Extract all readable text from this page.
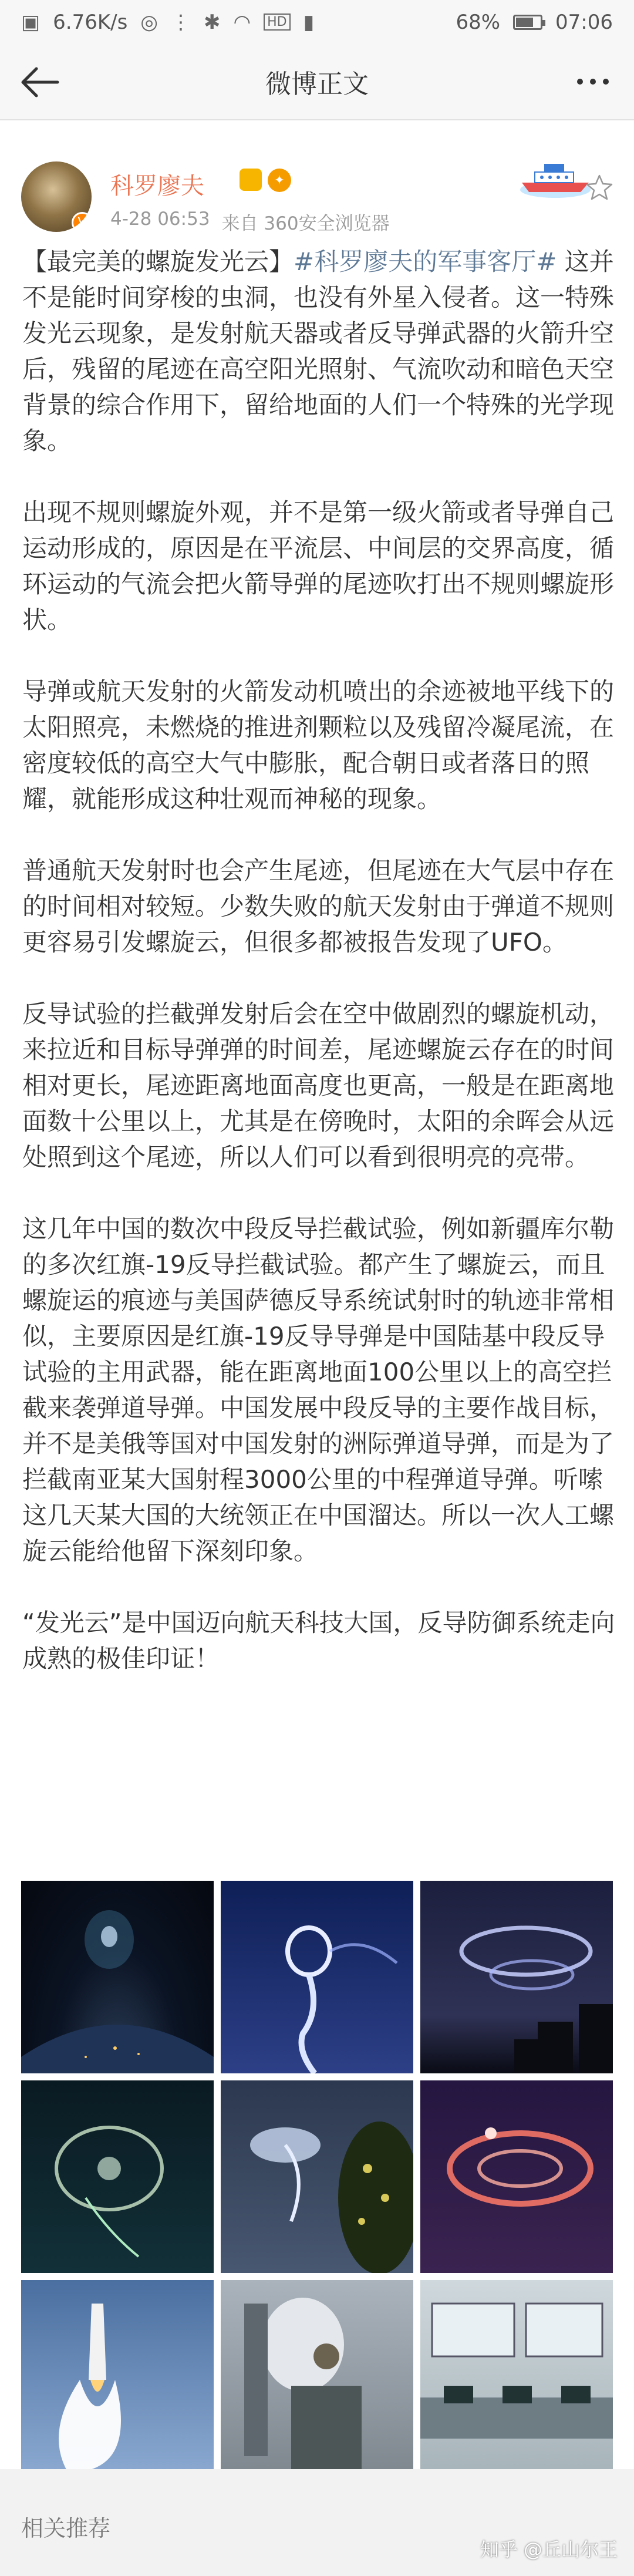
▣ 6.76K/s ◎ ⋮ ✱ ◠ HD ▮	68%	07:06
微博正文
V
科罗廖夫	✦
4-28 06:53 来自 360安全浏览器

【最完美的螺旋发光云】#科罗廖夫的军事客厅# 这并不是能时间穿梭的虫洞，也没有外星入侵者。这一特殊发光云现象，是发射航天器或者反导弹武器的火箭升空后，残留的尾迹在高空阳光照射、气流吹动和暗色天空背景的综合作用下，留给地面的人们一个特殊的光学现象。

出现不规则螺旋外观，并不是第一级火箭或者导弹自己运动形成的，原因是在平流层、中间层的交界高度，循环运动的气流会把火箭导弹的尾迹吹打出不规则螺旋形状。

导弹或航天发射的火箭发动机喷出的余迹被地平线下的太阳照亮，未燃烧的推进剂颗粒以及残留冷凝尾流，在密度较低的高空大气中膨胀，配合朝日或者落日的照耀，就能形成这种壮观而神秘的现象。

普通航天发射时也会产生尾迹，但尾迹在大气层中存在的时间相对较短。少数失败的航天发射由于弹道不规则更容易引发螺旋云，但很多都被报告发现了UFO。

反导试验的拦截弹发射后会在空中做剧烈的螺旋机动，来拉近和目标导弹弹的时间差，尾迹螺旋云存在的时间相对更长，尾迹距离地面高度也更高，一般是在距离地面数十公里以上，尤其是在傍晚时，太阳的余晖会从远处照到这个尾迹，所以人们可以看到很明亮的亮带。

这几年中国的数次中段反导拦截试验，例如新疆库尔勒的多次红旗-19反导拦截试验。都产生了螺旋云，而且螺旋运的痕迹与美国萨德反导系统试射时的轨迹非常相似，主要原因是红旗-19反导导弹是中国陆基中段反导试验的主用武器，能在距离地面100公里以上的高空拦截来袭弹道导弹。中国发展中段反导的主要作战目标，并不是美俄等国对中国发射的洲际弹道导弹，而是为了拦截南亚某大国射程3000公里的中程弹道导弹。听嗦这几天某大国的大统领正在中国溜达。所以一次人工螺旋云能给他留下深刻印象。

“发光云”是中国迈向航天科技大国，反导防御系统走向成熟的极佳印证！

相关推荐
知乎 @丘山尔王
